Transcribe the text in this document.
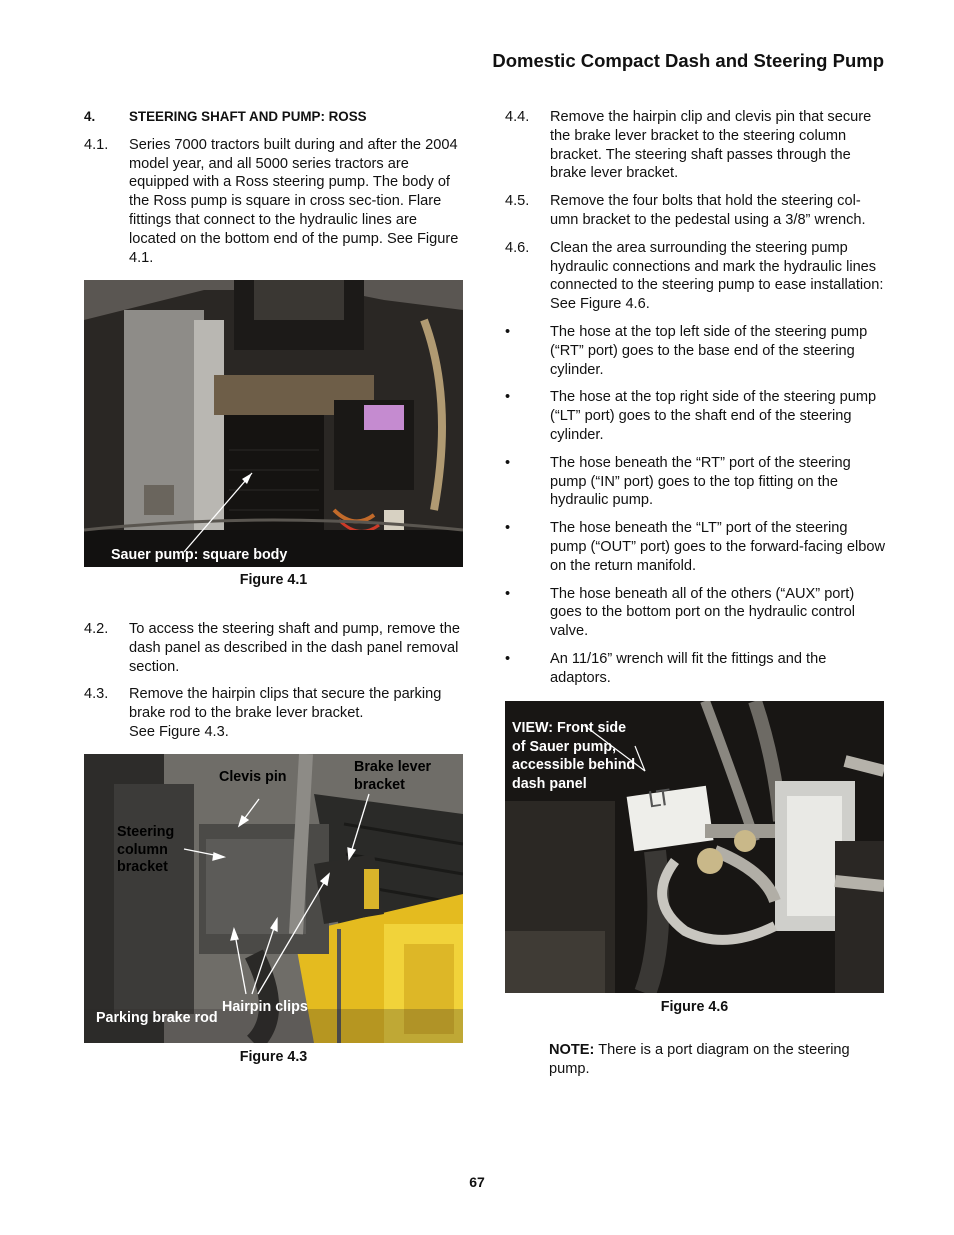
Domestic Compact Dash and Steering Pump
4.	STEERING SHAFT AND PUMP: ROSS
4.1.	Series 7000 tractors built during and after the 2004 model year, and all 5000 series tractors are equipped with a Ross steering pump. The body of the Ross pump is square in cross sec-tion. Flare fittings that connect to the hydraulic lines are located on the bottom end of the pump. See Figure 4.1.
Sauer pump: square body
Figure 4.1
4.2.	To access the steering shaft and pump, remove the dash panel as described in the dash panel removal section.
4.3.	Remove the hairpin clips that secure the parking brake rod to the brake lever bracket.
See Figure 4.3.
Clevis pin
Brake lever
bracket
Steering
column
bracket
Hairpin clips
Parking brake rod
Figure 4.3
4.4.	Remove the hairpin clip and clevis pin that secure the brake lever bracket to the steering column bracket. The steering shaft passes through the brake lever bracket.
4.5.	Remove the four bolts that hold the steering col-umn bracket to the pedestal using a 3/8” wrench.
4.6.	Clean the area surrounding the steering pump hydraulic connections and mark the hydraulic lines connected to the steering pump to ease installation: See Figure 4.6.
•	The hose at the top left side of the steering pump (“RT” port) goes to the base end of the steering cylinder.
•	The hose at the top right side of the steering pump (“LT” port) goes to the shaft end of the steering cylinder.
•	The hose beneath the “RT” port of the steering pump (“IN” port) goes to the top fitting on the hydraulic pump.
•	The hose beneath the “LT” port of the steering pump (“OUT” port) goes to the forward-facing elbow on the return manifold.
•	The hose beneath all of the others (“AUX” port) goes to the bottom port on the hydraulic control valve.
•	An 11/16” wrench will fit the fittings and the adaptors.
VIEW: Front side
of Sauer pump,
accessible behind
dash panel
LT
Figure 4.6
NOTE: There is a port diagram on the steering pump.
67
